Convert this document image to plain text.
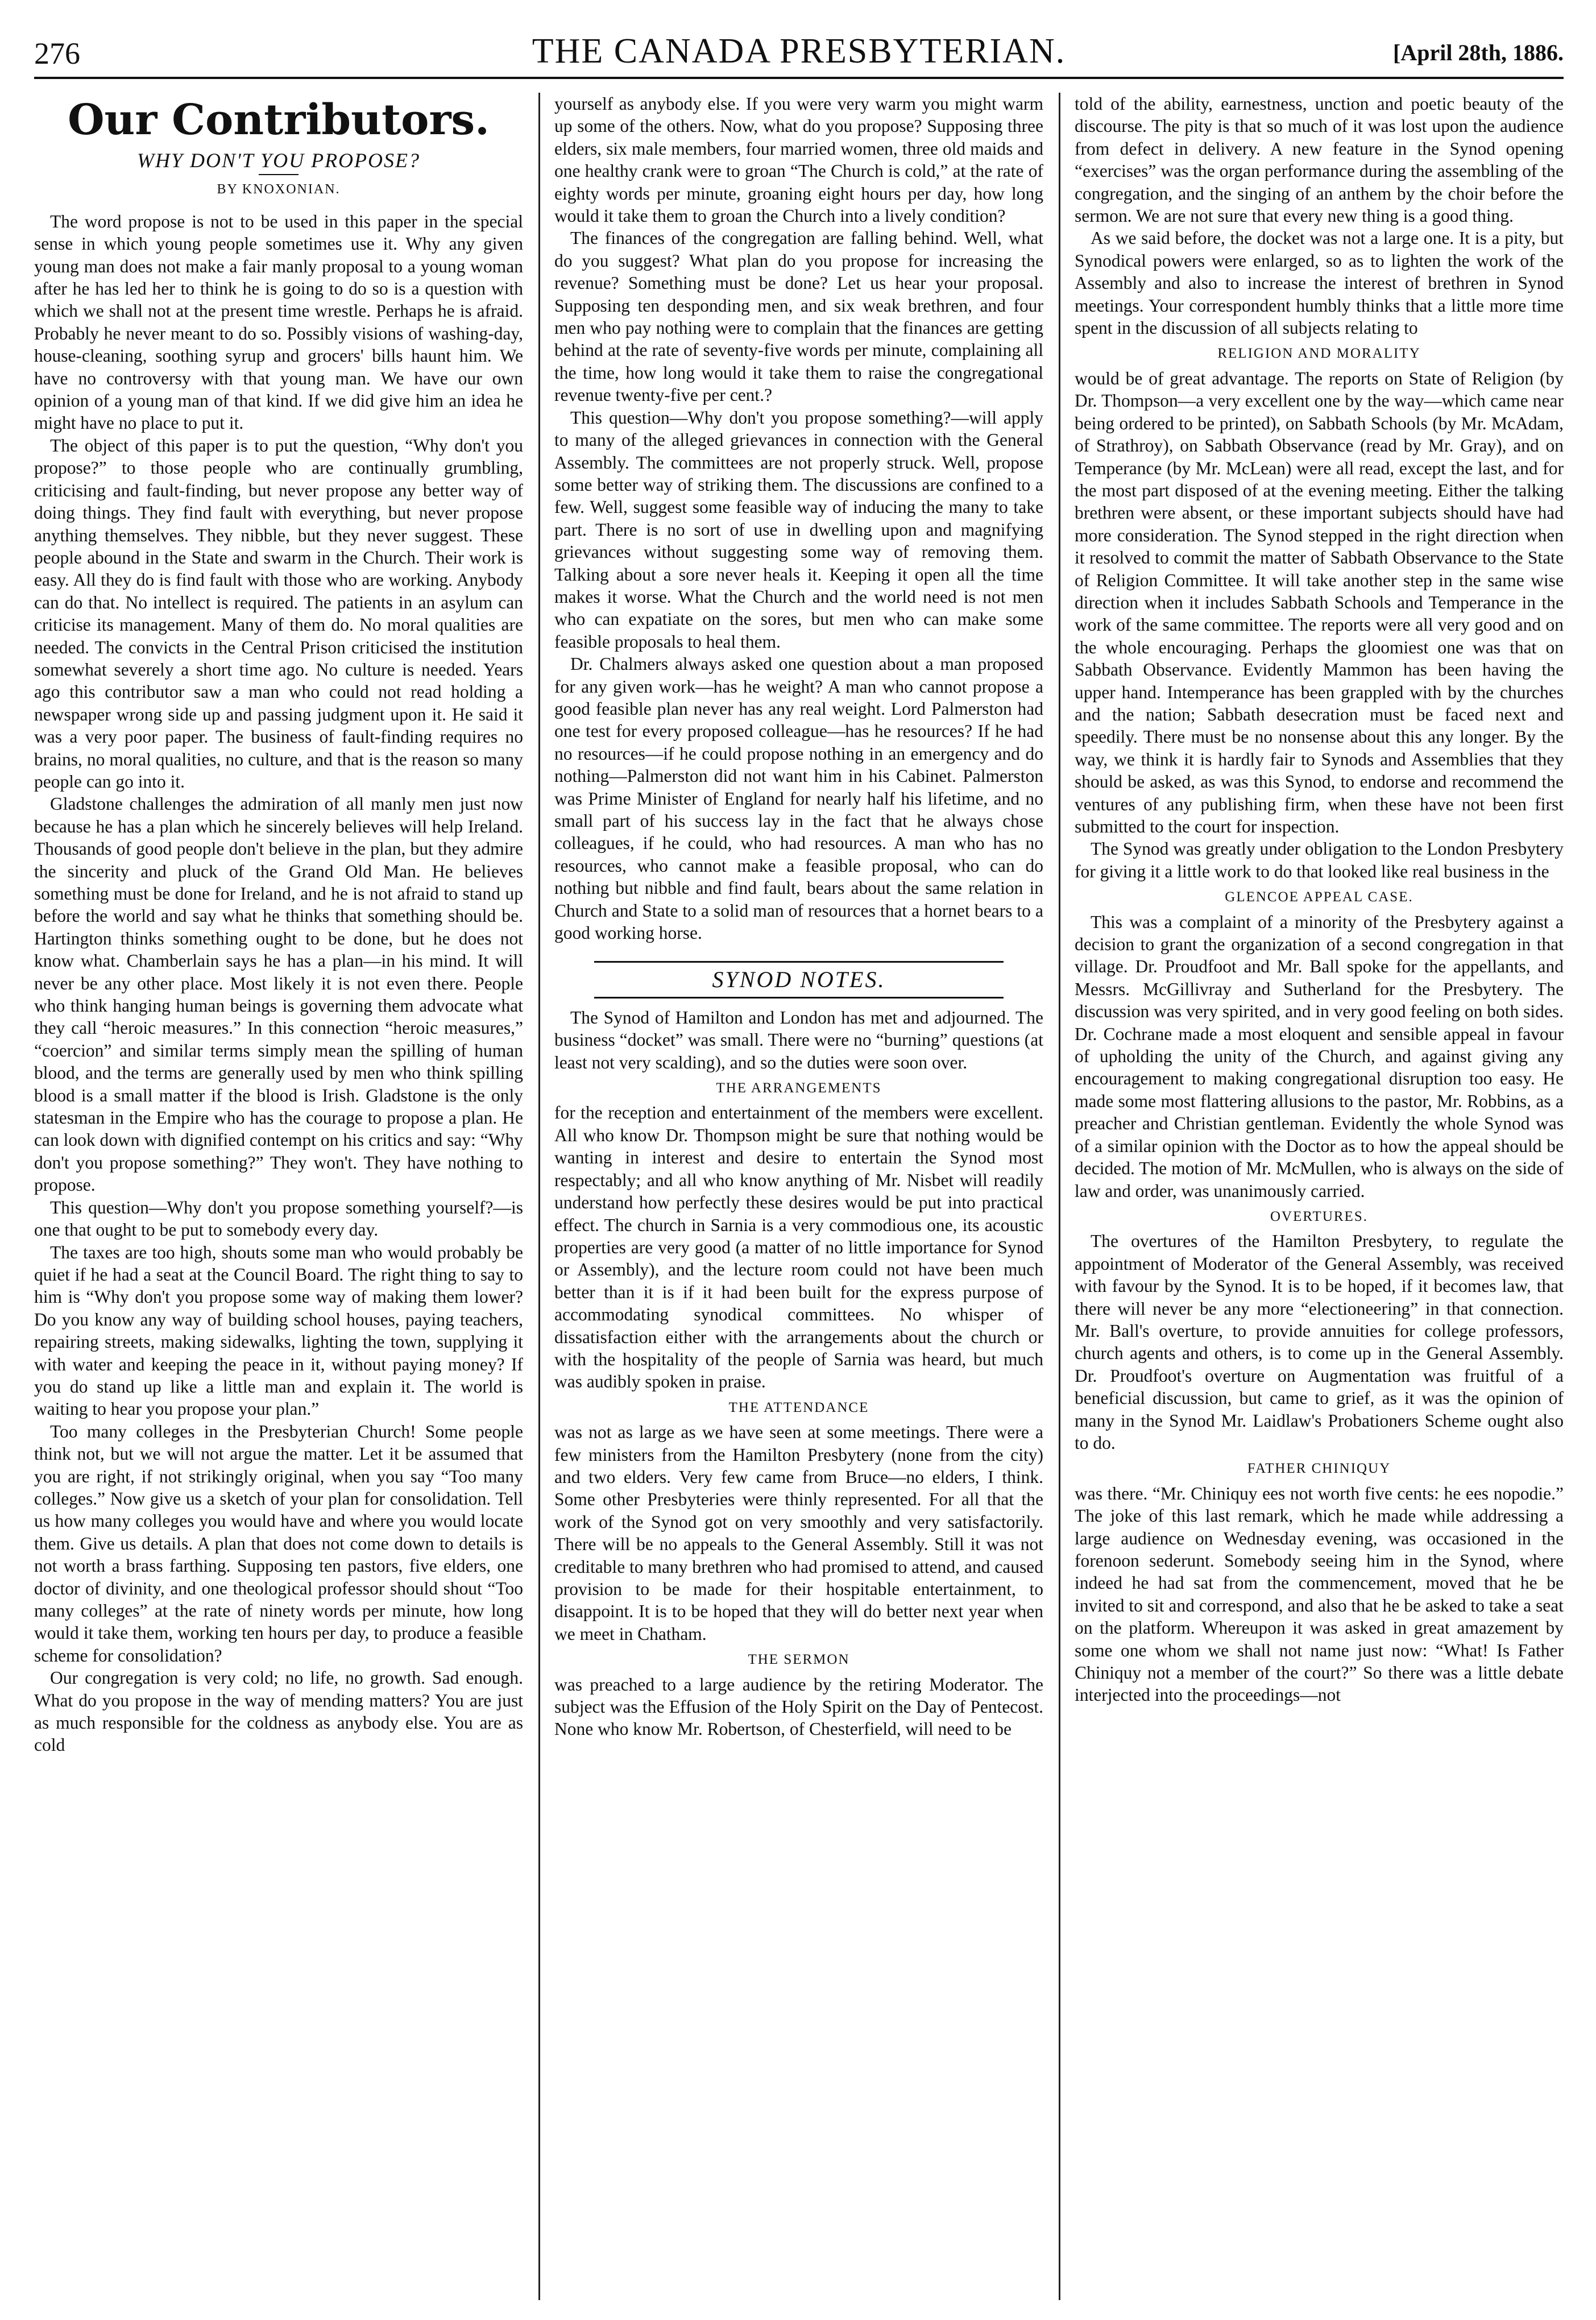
276	THE CANADA PRESBYTERIAN.	[April 28th, 1886.
Our Contributors.
WHY DON'T YOU PROPOSE?
BY KNOXONIAN.

The word propose is not to be used in this paper in the special sense in which young people sometimes use it. Why any given young man does not make a fair manly proposal to a young woman after he has led her to think he is going to do so is a question with which we shall not at the present time wrestle. Perhaps he is afraid. Probably he never meant to do so. Possibly visions of washing-day, house-cleaning, soothing syrup and grocers' bills haunt him. We have no controversy with that young man. We have our own opinion of a young man of that kind. If we did give him an idea he might have no place to put it.

The object of this paper is to put the question, “Why don't you propose?” to those people who are continually grumbling, criticising and fault-finding, but never propose any better way of doing things. They find fault with everything, but never propose anything themselves. They nibble, but they never suggest. These people abound in the State and swarm in the Church. Their work is easy. All they do is find fault with those who are working. Anybody can do that. No intellect is required. The patients in an asylum can criticise its management. Many of them do. No moral qualities are needed. The convicts in the Central Prison criticised the institution somewhat severely a short time ago. No culture is needed. Years ago this contributor saw a man who could not read holding a newspaper wrong side up and passing judgment upon it. He said it was a very poor paper. The business of fault-finding requires no brains, no moral qualities, no culture, and that is the reason so many people can go into it.

Gladstone challenges the admiration of all manly men just now because he has a plan which he sincerely believes will help Ireland. Thousands of good people don't believe in the plan, but they admire the sincerity and pluck of the Grand Old Man. He believes something must be done for Ireland, and he is not afraid to stand up before the world and say what he thinks that something should be. Hartington thinks something ought to be done, but he does not know what. Chamberlain says he has a plan—in his mind. It will never be any other place. Most likely it is not even there. People who think hanging human beings is governing them advocate what they call “heroic measures.” In this connection “heroic measures,” “coercion” and similar terms simply mean the spilling of human blood, and the terms are generally used by men who think spilling blood is a small matter if the blood is Irish. Gladstone is the only statesman in the Empire who has the courage to propose a plan. He can look down with dignified contempt on his critics and say: “Why don't you propose something?” They won't. They have nothing to propose.

This question—Why don't you propose something yourself?—is one that ought to be put to somebody every day.

The taxes are too high, shouts some man who would probably be quiet if he had a seat at the Council Board. The right thing to say to him is “Why don't you propose some way of making them lower? Do you know any way of building school houses, paying teachers, repairing streets, making sidewalks, lighting the town, supplying it with water and keeping the peace in it, without paying money? If you do stand up like a little man and explain it. The world is waiting to hear you propose your plan.”

Too many colleges in the Presbyterian Church! Some people think not, but we will not argue the matter. Let it be assumed that you are right, if not strikingly original, when you say “Too many colleges.” Now give us a sketch of your plan for consolidation. Tell us how many colleges you would have and where you would locate them. Give us details. A plan that does not come down to details is not worth a brass farthing. Supposing ten pastors, five elders, one doctor of divinity, and one theological professor should shout “Too many colleges” at the rate of ninety words per minute, how long would it take them, working ten hours per day, to produce a feasible scheme for consolidation?

Our congregation is very cold; no life, no growth. Sad enough. What do you propose in the way of mending matters? You are just as much responsible for the coldness as anybody else. You are as cold

yourself as anybody else. If you were very warm you might warm up some of the others. Now, what do you propose? Supposing three elders, six male members, four married women, three old maids and one healthy crank were to groan “The Church is cold,” at the rate of eighty words per minute, groaning eight hours per day, how long would it take them to groan the Church into a lively condition?

The finances of the congregation are falling behind. Well, what do you suggest? What plan do you propose for increasing the revenue? Something must be done? Let us hear your proposal. Supposing ten desponding men, and six weak brethren, and four men who pay nothing were to complain that the finances are getting behind at the rate of seventy-five words per minute, complaining all the time, how long would it take them to raise the congregational revenue twenty-five per cent.?

This question—Why don't you propose something?—will apply to many of the alleged grievances in connection with the General Assembly. The committees are not properly struck. Well, propose some better way of striking them. The discussions are confined to a few. Well, suggest some feasible way of inducing the many to take part. There is no sort of use in dwelling upon and magnifying grievances without suggesting some way of removing them. Talking about a sore never heals it. Keeping it open all the time makes it worse. What the Church and the world need is not men who can expatiate on the sores, but men who can make some feasible proposals to heal them.

Dr. Chalmers always asked one question about a man proposed for any given work—has he weight? A man who cannot propose a good feasible plan never has any real weight. Lord Palmerston had one test for every proposed colleague—has he resources? If he had no resources—if he could propose nothing in an emergency and do nothing—Palmerston did not want him in his Cabinet. Palmerston was Prime Minister of England for nearly half his lifetime, and no small part of his success lay in the fact that he always chose colleagues, if he could, who had resources. A man who has no resources, who cannot make a feasible proposal, who can do nothing but nibble and find fault, bears about the same relation in Church and State to a solid man of resources that a hornet bears to a good working horse.

SYNOD NOTES.

The Synod of Hamilton and London has met and adjourned. The business “docket” was small. There were no “burning” questions (at least not very scalding), and so the duties were soon over.

THE ARRANGEMENTS

for the reception and entertainment of the members were excellent. All who know Dr. Thompson might be sure that nothing would be wanting in interest and desire to entertain the Synod most respectably; and all who know anything of Mr. Nisbet will readily understand how perfectly these desires would be put into practical effect. The church in Sarnia is a very commodious one, its acoustic properties are very good (a matter of no little importance for Synod or Assembly), and the lecture room could not have been much better than it is if it had been built for the express purpose of accommodating synodical committees. No whisper of dissatisfaction either with the arrangements about the church or with the hospitality of the people of Sarnia was heard, but much was audibly spoken in praise.

THE ATTENDANCE

was not as large as we have seen at some meetings. There were a few ministers from the Hamilton Presbytery (none from the city) and two elders. Very few came from Bruce—no elders, I think. Some other Presbyteries were thinly represented. For all that the work of the Synod got on very smoothly and very satisfactorily. There will be no appeals to the General Assembly. Still it was not creditable to many brethren who had promised to attend, and caused provision to be made for their hospitable entertainment, to disappoint. It is to be hoped that they will do better next year when we meet in Chatham.

THE SERMON

was preached to a large audience by the retiring Moderator. The subject was the Effusion of the Holy Spirit on the Day of Pentecost. None who know Mr. Robertson, of Chesterfield, will need to be

told of the ability, earnestness, unction and poetic beauty of the discourse. The pity is that so much of it was lost upon the audience from defect in delivery. A new feature in the Synod opening “exercises” was the organ performance during the assembling of the congregation, and the singing of an anthem by the choir before the sermon. We are not sure that every new thing is a good thing.

As we said before, the docket was not a large one. It is a pity, but Synodical powers were enlarged, so as to lighten the work of the Assembly and also to increase the interest of brethren in Synod meetings. Your correspondent humbly thinks that a little more time spent in the discussion of all subjects relating to

RELIGION AND MORALITY

would be of great advantage. The reports on State of Religion (by Dr. Thompson—a very excellent one by the way—which came near being ordered to be printed), on Sabbath Schools (by Mr. McAdam, of Strathroy), on Sabbath Observance (read by Mr. Gray), and on Temperance (by Mr. McLean) were all read, except the last, and for the most part disposed of at the evening meeting. Either the talking brethren were absent, or these important subjects should have had more consideration. The Synod stepped in the right direction when it resolved to commit the matter of Sabbath Observance to the State of Religion Committee. It will take another step in the same wise direction when it includes Sabbath Schools and Temperance in the work of the same committee. The reports were all very good and on the whole encouraging. Perhaps the gloomiest one was that on Sabbath Observance. Evidently Mammon has been having the upper hand. Intemperance has been grappled with by the churches and the nation; Sabbath desecration must be faced next and speedily. There must be no nonsense about this any longer. By the way, we think it is hardly fair to Synods and Assemblies that they should be asked, as was this Synod, to endorse and recommend the ventures of any publishing firm, when these have not been first submitted to the court for inspection.

The Synod was greatly under obligation to the London Presbytery for giving it a little work to do that looked like real business in the

GLENCOE APPEAL CASE.

This was a complaint of a minority of the Presbytery against a decision to grant the organization of a second congregation in that village. Dr. Proudfoot and Mr. Ball spoke for the appellants, and Messrs. McGillivray and Sutherland for the Presbytery. The discussion was very spirited, and in very good feeling on both sides. Dr. Cochrane made a most eloquent and sensible appeal in favour of upholding the unity of the Church, and against giving any encouragement to making congregational disruption too easy. He made some most flattering allusions to the pastor, Mr. Robbins, as a preacher and Christian gentleman. Evidently the whole Synod was of a similar opinion with the Doctor as to how the appeal should be decided. The motion of Mr. McMullen, who is always on the side of law and order, was unanimously carried.

OVERTURES.

The overtures of the Hamilton Presbytery, to regulate the appointment of Moderator of the General Assembly, was received with favour by the Synod. It is to be hoped, if it becomes law, that there will never be any more “electioneering” in that connection. Mr. Ball's overture, to provide annuities for college professors, church agents and others, is to come up in the General Assembly. Dr. Proudfoot's overture on Augmentation was fruitful of a beneficial discussion, but came to grief, as it was the opinion of many in the Synod Mr. Laidlaw's Probationers Scheme ought also to do.

FATHER CHINIQUY

was there. “Mr. Chiniquy ees not worth five cents: he ees nopodie.” The joke of this last remark, which he made while addressing a large audience on Wednesday evening, was occasioned in the forenoon sederunt. Somebody seeing him in the Synod, where indeed he had sat from the commencement, moved that he be invited to sit and correspond, and also that he be asked to take a seat on the platform. Whereupon it was asked in great amazement by some one whom we shall not name just now: “What! Is Father Chiniquy not a member of the court?” So there was a little debate interjected into the proceedings—not
